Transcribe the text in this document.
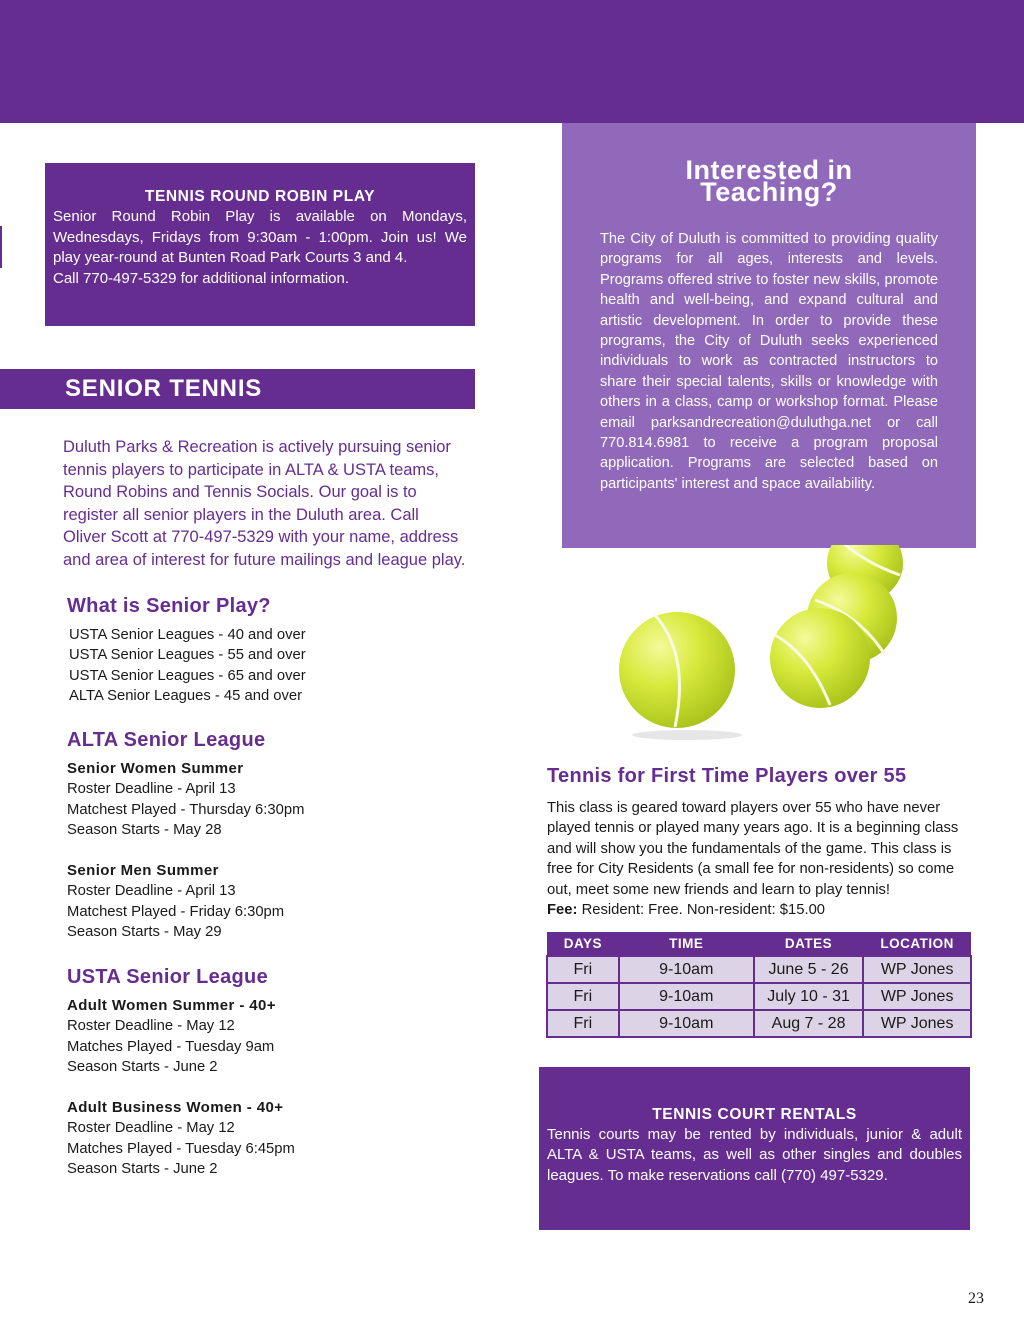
TENNIS ROUND ROBIN PLAY
Senior Round Robin Play is available on Mondays,
Wednesdays, Fridays from 9:30am - 1:00pm. Join us! We
play year-round at Bunten Road Park Courts 3 and 4.
Call 770-497-5329 for additional information.
SENIOR TENNIS
Duluth Parks & Recreation is actively pursuing senior
tennis players to participate in ALTA & USTA teams,
Round Robins and Tennis Socials. Our goal is to
register all senior players in the Duluth area. Call
Oliver Scott at 770-497-5329 with your name, address
and area of interest for future mailings and league play.
What is Senior Play?
USTA Senior Leagues - 40 and over
USTA Senior Leagues - 55 and over
USTA Senior Leagues - 65 and over
ALTA Senior Leagues - 45 and over
ALTA Senior League
Senior Women Summer
Roster Deadline - April 13
Matchest Played - Thursday 6:30pm
Season Starts - May 28
Senior Men Summer
Roster Deadline - April 13
Matchest Played - Friday 6:30pm
Season Starts - May 29
USTA Senior League
Adult Women Summer - 40+
Roster Deadline - May 12
Matches Played - Tuesday 9am
Season Starts - June 2
Adult Business Women - 40+
Roster Deadline - May 12
Matches Played - Tuesday 6:45pm
Season Starts - June 2
Interested in
Teaching?
The City of Duluth is committed to providing quality programs for all ages, interests and levels. Programs offered strive to foster new skills, promote health and well-being, and expand cultural and artistic development. In order to provide these programs, the City of Duluth seeks experienced individuals to work as contracted instructors to share their special talents, skills or knowledge with others in a class, camp or workshop format. Please email parksandrecreation@duluthga.net or call 770.814.6981 to receive a program proposal application. Programs are selected based on participants' interest and space availability.
Tennis for First Time Players over 55
This class is geared toward players over 55 who have never played tennis or played many years ago. It is a beginning class and will show you the fundamentals of the game. This class is free for City Residents (a small fee for non-residents) so come out, meet some new friends and learn to play tennis!
Fee: Resident: Free. Non-resident: $15.00
DAYS	TIME	DATES	LOCATION
Fri	9-10am	June 5 - 26	WP Jones
Fri	9-10am	July 10 - 31	WP Jones
Fri	9-10am	Aug 7 - 28	WP Jones
TENNIS COURT RENTALS
Tennis courts may be rented by individuals, junior & adult
ALTA & USTA teams, as well as other singles and doubles
leagues. To make reservations call (770) 497-5329.
23
